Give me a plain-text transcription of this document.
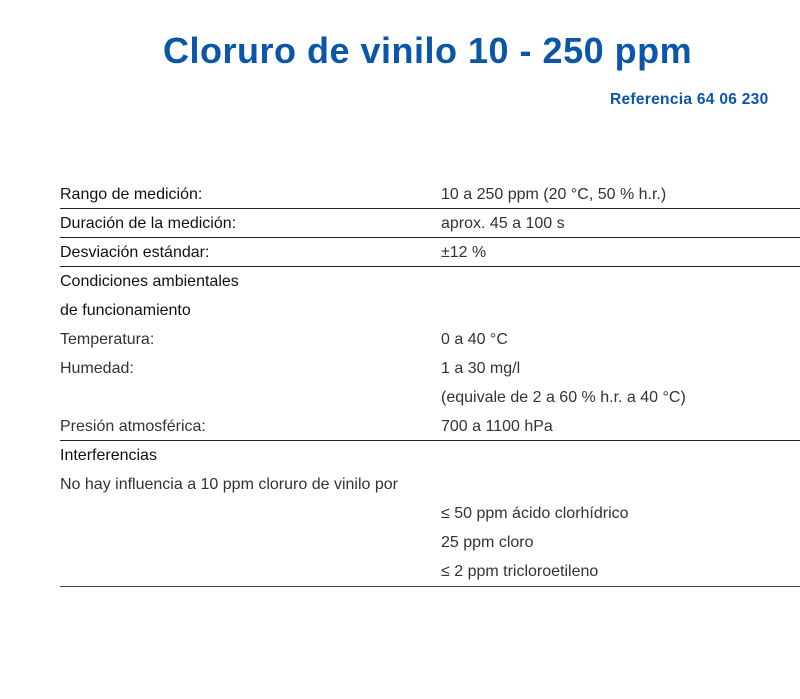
Cloruro de vinilo 10 - 250 ppm
Referencia 64 06 230
Rango de medición:	10 a 250 ppm (20 °C, 50 % h.r.)
Duración de la medición:	aprox. 45 a 100 s
Desviación estándar:	±12 %
Condiciones ambientales
de funcionamiento
Temperatura:	0 a 40 °C
Humedad:	1 a 30 mg/l
(equivale de 2 a 60 % h.r. a 40 °C)
Presión atmosférica:	700 a 1100 hPa
Interferencias
No hay influencia a 10 ppm cloruro de vinilo por
≤ 50 ppm ácido clorhídrico
25 ppm cloro
≤ 2 ppm tricloroetileno
